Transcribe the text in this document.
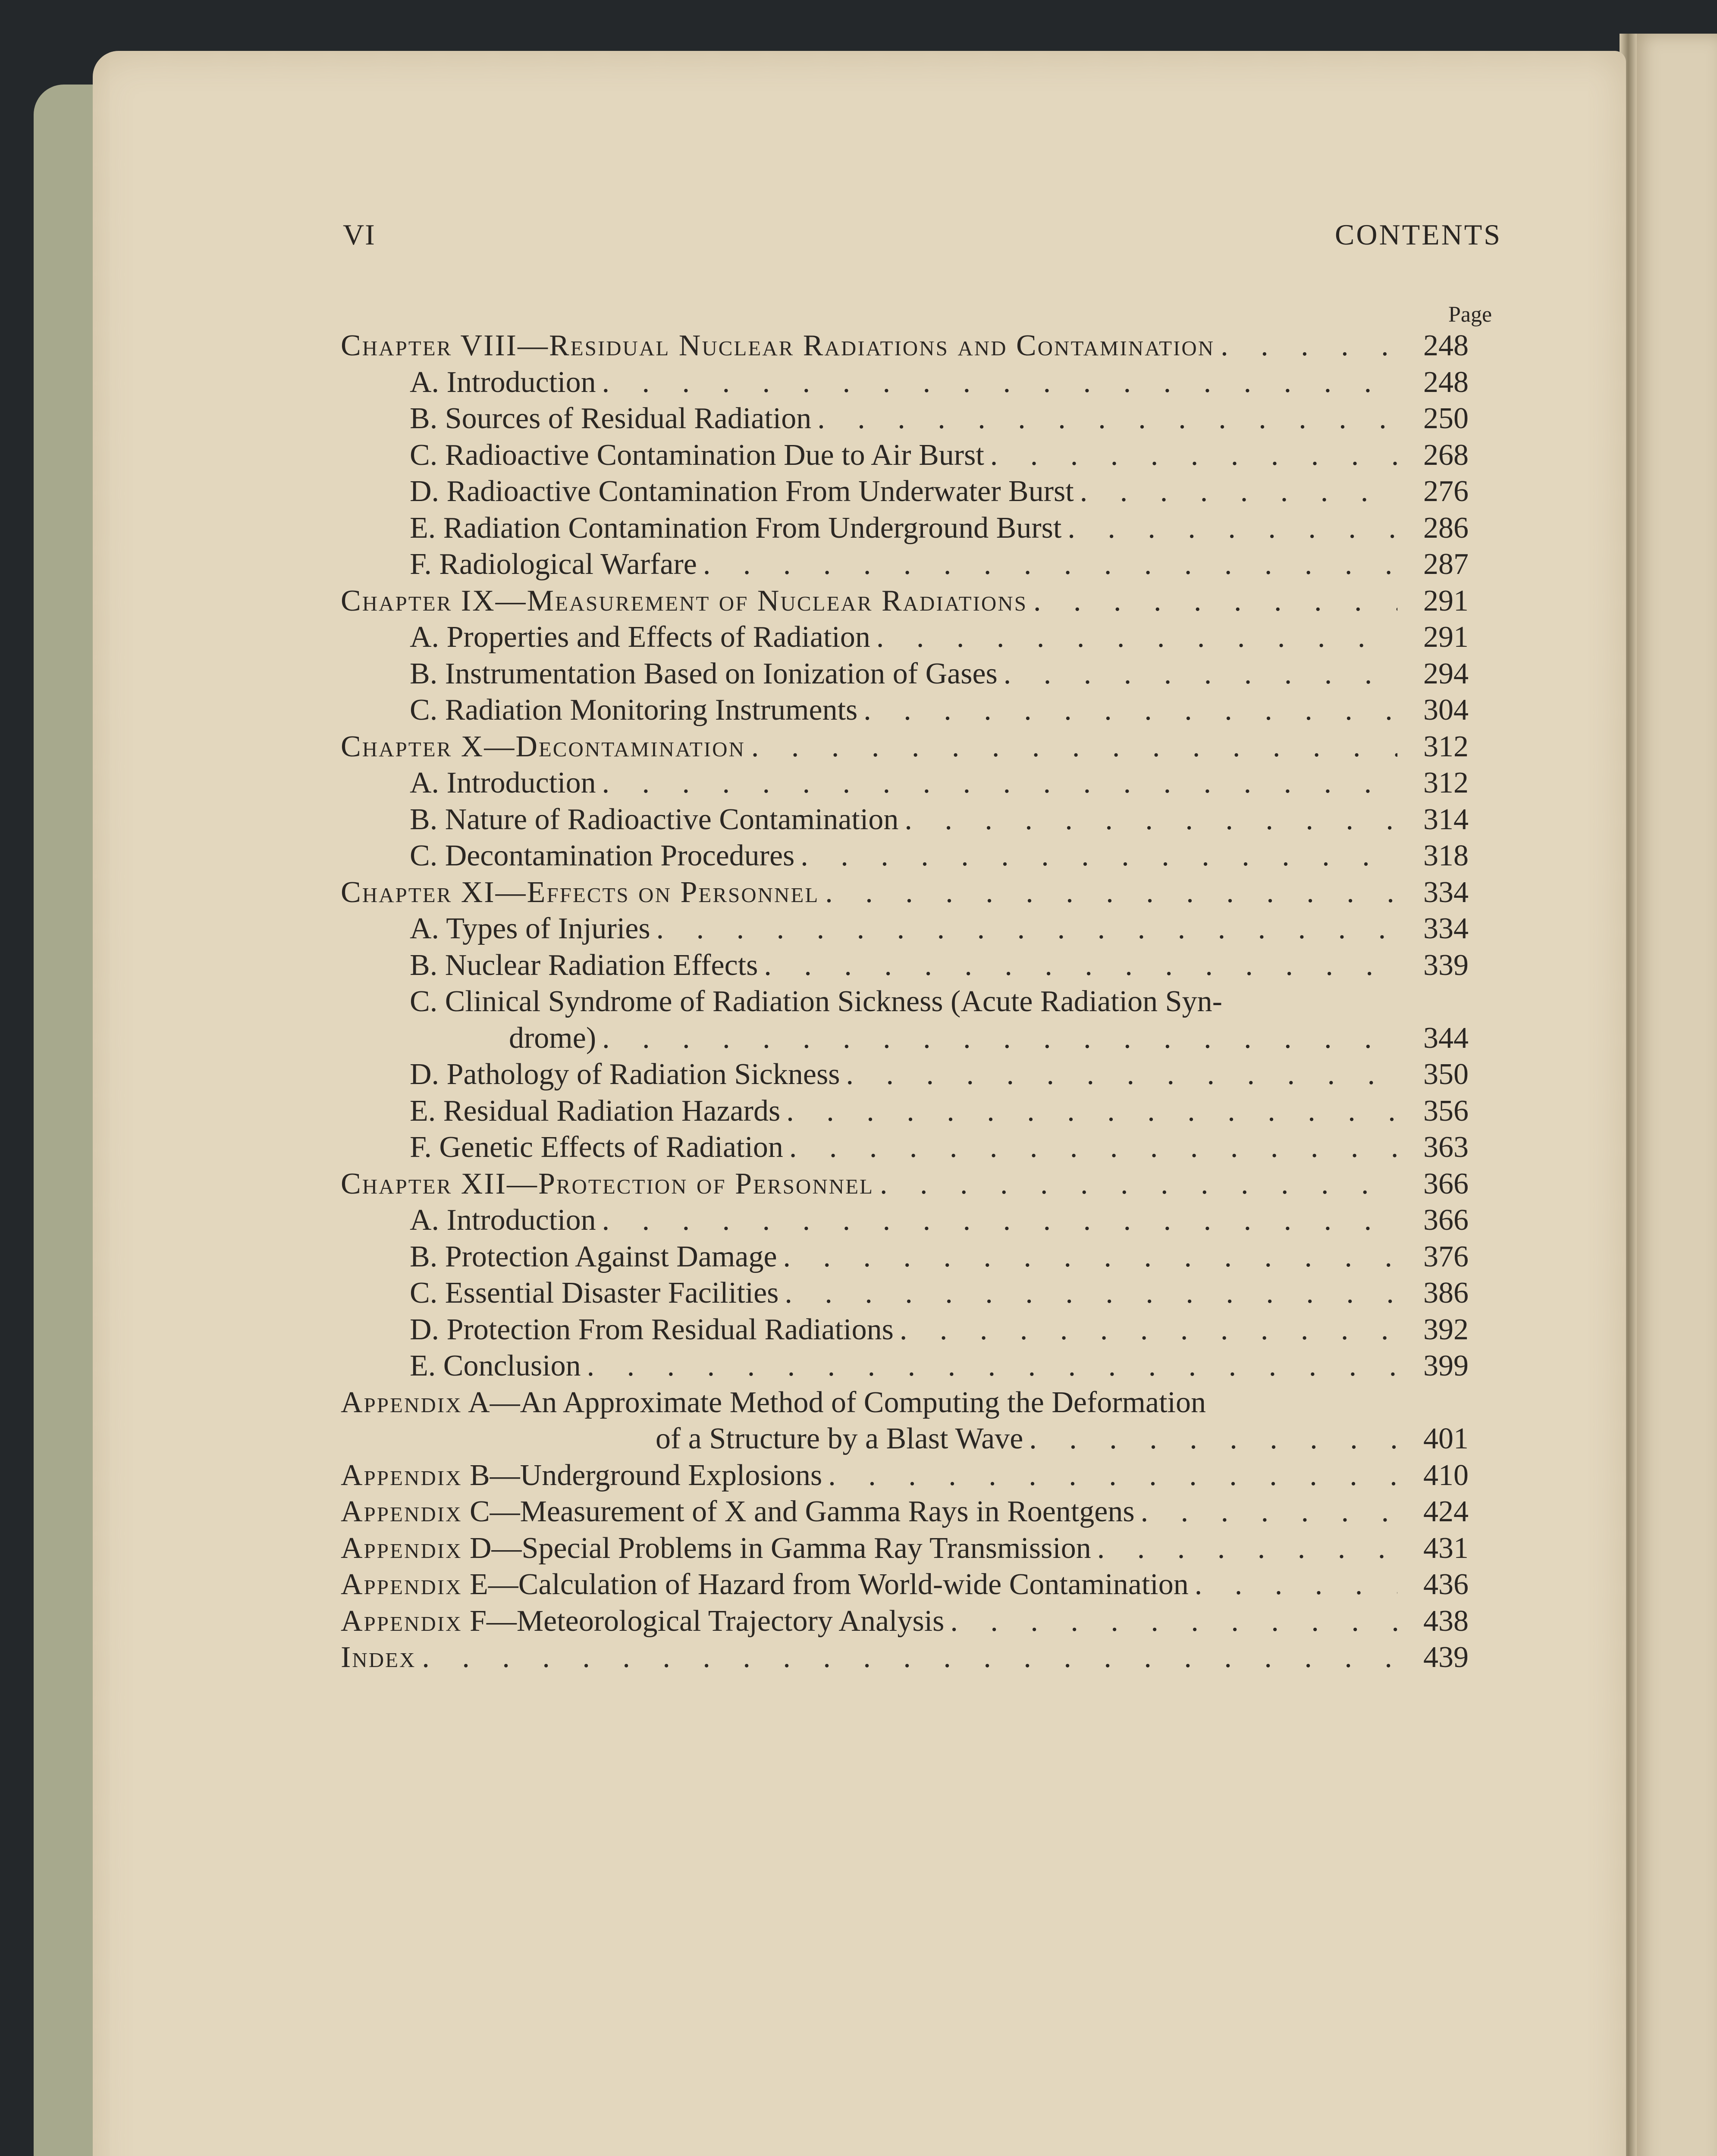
VI	CONTENTS
Page
Chapter VIII—Residual Nuclear Radiations and Contamination . . .	248
A. Introduction . . .	248
B. Sources of Residual Radiation . . .	250
C. Radioactive Contamination Due to Air Burst . . .	268
D. Radioactive Contamination From Underwater Burst . . .	276
E. Radiation Contamination From Underground Burst . . .	286
F. Radiological Warfare . . .	287
Chapter IX—Measurement of Nuclear Radiations . . .	291
A. Properties and Effects of Radiation . . .	291
B. Instrumentation Based on Ionization of Gases . . .	294
C. Radiation Monitoring Instruments . . .	304
Chapter X—Decontamination . . .	312
A. Introduction . . .	312
B. Nature of Radioactive Contamination . . .	314
C. Decontamination Procedures . . .	318
Chapter XI—Effects on Personnel . . .	334
A. Types of Injuries . . .	334
B. Nuclear Radiation Effects . . .	339
C. Clinical Syndrome of Radiation Sickness (Acute Radiation Syn-
drome) . . .	344
D. Pathology of Radiation Sickness . . .	350
E. Residual Radiation Hazards . . .	356
F. Genetic Effects of Radiation . . .	363
Chapter XII—Protection of Personnel . . .	366
A. Introduction . . .	366
B. Protection Against Damage . . .	376
C. Essential Disaster Facilities . . .	386
D. Protection From Residual Radiations . . .	392
E. Conclusion . . .	399
Appendix A—An Approximate Method of Computing the Deformation
of a Structure by a Blast Wave . . .	401
Appendix B—Underground Explosions . . .	410
Appendix C—Measurement of X and Gamma Rays in Roentgens . . .	424
Appendix D—Special Problems in Gamma Ray Transmission . . .	431
Appendix E—Calculation of Hazard from World-wide Contamination . . .	436
Appendix F—Meteorological Trajectory Analysis . . .	438
Index . . .	439
